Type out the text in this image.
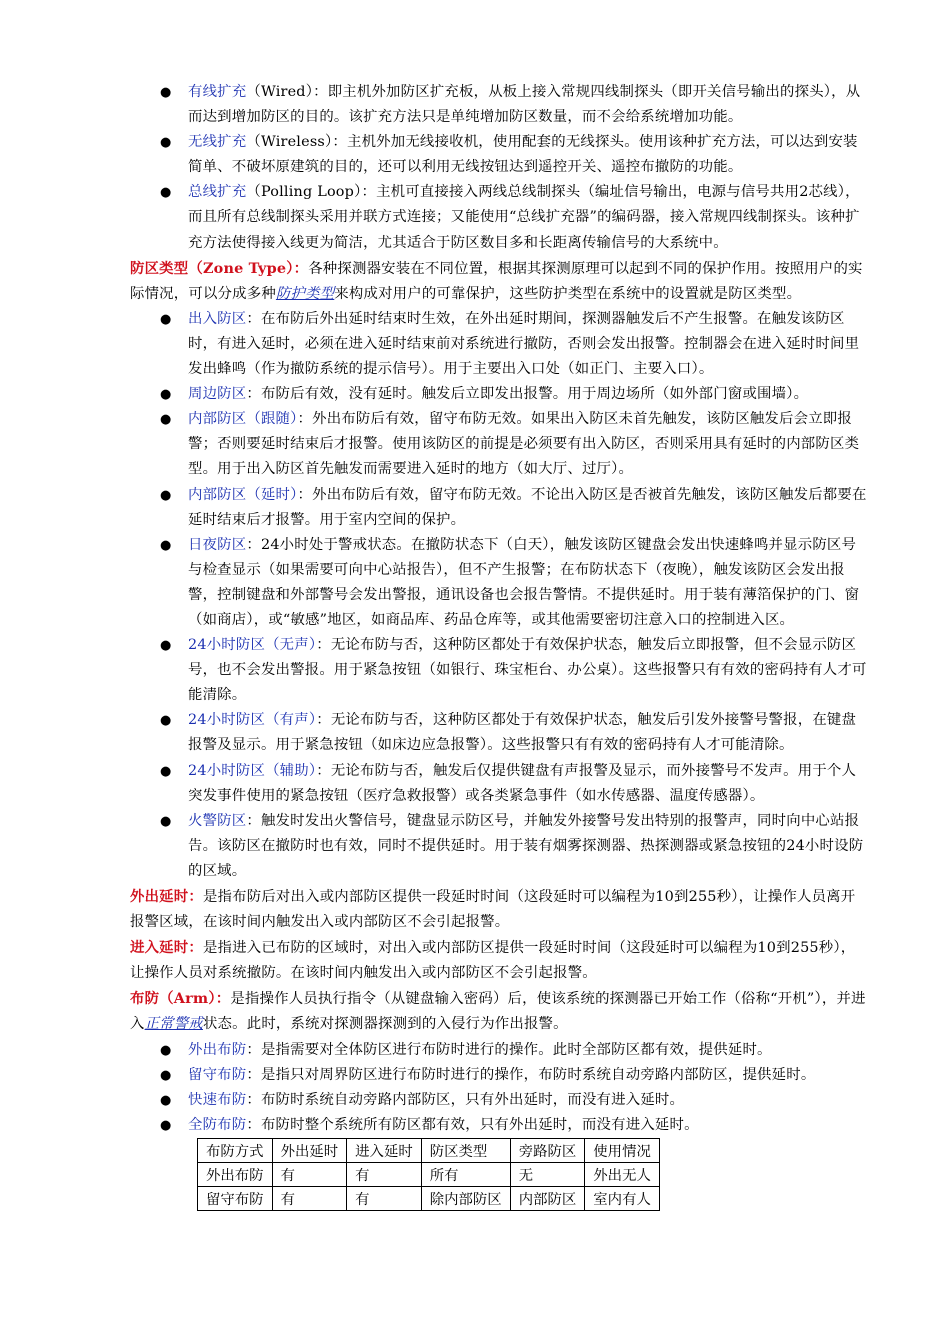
●	有线扩充（Wired）：即主机外加防区扩充板，从板上接入常规四线制探头（即开关信号输出的探头），从而达到增加防区的目的。该扩充方法只是单纯增加防区数量，而不会给系统增加功能。
●	无线扩充（Wireless）：主机外加无线接收机，使用配套的无线探头。使用该种扩充方法，可以达到安装简单、不破坏原建筑的目的，还可以利用无线按钮达到遥控开关、遥控布撤防的功能。
●	总线扩充（Polling Loop）：主机可直接接入两线总线制探头（编址信号输出，电源与信号共用2芯线），而且所有总线制探头采用并联方式连接；又能使用“总线扩充器”的编码器，接入常规四线制探头。该种扩充方法使得接入线更为简洁，尤其适合于防区数目多和长距离传输信号的大系统中。
防区类型（Zone Type）：各种探测器安装在不同位置，根据其探测原理可以起到不同的保护作用。按照用户的实际情况，可以分成多种防护类型来构成对用户的可靠保护，这些防护类型在系统中的设置就是防区类型。
●	出入防区：在布防后外出延时结束时生效，在外出延时期间，探测器触发后不产生报警。在触发该防区时，有进入延时，必须在进入延时结束前对系统进行撤防，否则会发出报警。控制器会在进入延时时间里发出蜂鸣（作为撤防系统的提示信号）。用于主要出入口处（如正门、主要入口）。
●	周边防区：布防后有效，没有延时。触发后立即发出报警。用于周边场所（如外部门窗或围墙）。
●	内部防区（跟随）：外出布防后有效，留守布防无效。如果出入防区未首先触发，该防区触发后会立即报警；否则要延时结束后才报警。使用该防区的前提是必须要有出入防区，否则采用具有延时的内部防区类型。用于出入防区首先触发而需要进入延时的地方（如大厅、过厅）。
●	内部防区（延时）：外出布防后有效，留守布防无效。不论出入防区是否被首先触发，该防区触发后都要在延时结束后才报警。用于室内空间的保护。
●	日夜防区：24小时处于警戒状态。在撤防状态下（白天），触发该防区键盘会发出快速蜂鸣并显示防区号与检查显示（如果需要可向中心站报告），但不产生报警；在布防状态下（夜晚），触发该防区会发出报警，控制键盘和外部警号会发出警报，通讯设备也会报告警情。不提供延时。用于装有薄箔保护的门、窗（如商店），或“敏感”地区，如商品库、药品仓库等，或其他需要密切注意入口的控制进入区。
●	24小时防区（无声）：无论布防与否，这种防区都处于有效保护状态，触发后立即报警，但不会显示防区号，也不会发出警报。用于紧急按钮（如银行、珠宝柜台、办公桌）。这些报警只有有效的密码持有人才可能清除。
●	24小时防区（有声）：无论布防与否，这种防区都处于有效保护状态，触发后引发外接警号警报，在键盘报警及显示。用于紧急按钮（如床边应急报警）。这些报警只有有效的密码持有人才可能清除。
●	24小时防区（辅助）：无论布防与否，触发后仅提供键盘有声报警及显示，而外接警号不发声。用于个人突发事件使用的紧急按钮（医疗急救报警）或各类紧急事件（如水传感器、温度传感器）。
●	火警防区：触发时发出火警信号，键盘显示防区号，并触发外接警号发出特别的报警声，同时向中心站报告。该防区在撤防时也有效，同时不提供延时。用于装有烟雾探测器、热探测器或紧急按钮的24小时设防的区域。
外出延时：是指布防后对出入或内部防区提供一段延时时间（这段延时可以编程为10到255秒），让操作人员离开报警区域，在该时间内触发出入或内部防区不会引起报警。
进入延时：是指进入已布防的区域时，对出入或内部防区提供一段延时时间（这段延时可以编程为10到255秒），让操作人员对系统撤防。在该时间内触发出入或内部防区不会引起报警。
布防（Arm）：是指操作人员执行指令（从键盘输入密码）后，使该系统的探测器已开始工作（俗称“开机”），并进入正常警戒状态。此时，系统对探测器探测到的入侵行为作出报警。
●	外出布防：是指需要对全体防区进行布防时进行的操作。此时全部防区都有效，提供延时。
●	留守布防：是指只对周界防区进行布防时进行的操作，布防时系统自动旁路内部防区，提供延时。
●	快速布防：布防时系统自动旁路内部防区，只有外出延时，而没有进入延时。
●	全防布防：布防时整个系统所有防区都有效，只有外出延时，而没有进入延时。
布防方式	外出延时	进入延时	防区类型	旁路防区	使用情况
外出布防	有	有	所有	无	外出无人
留守布防	有	有	除内部防区	内部防区	室内有人
